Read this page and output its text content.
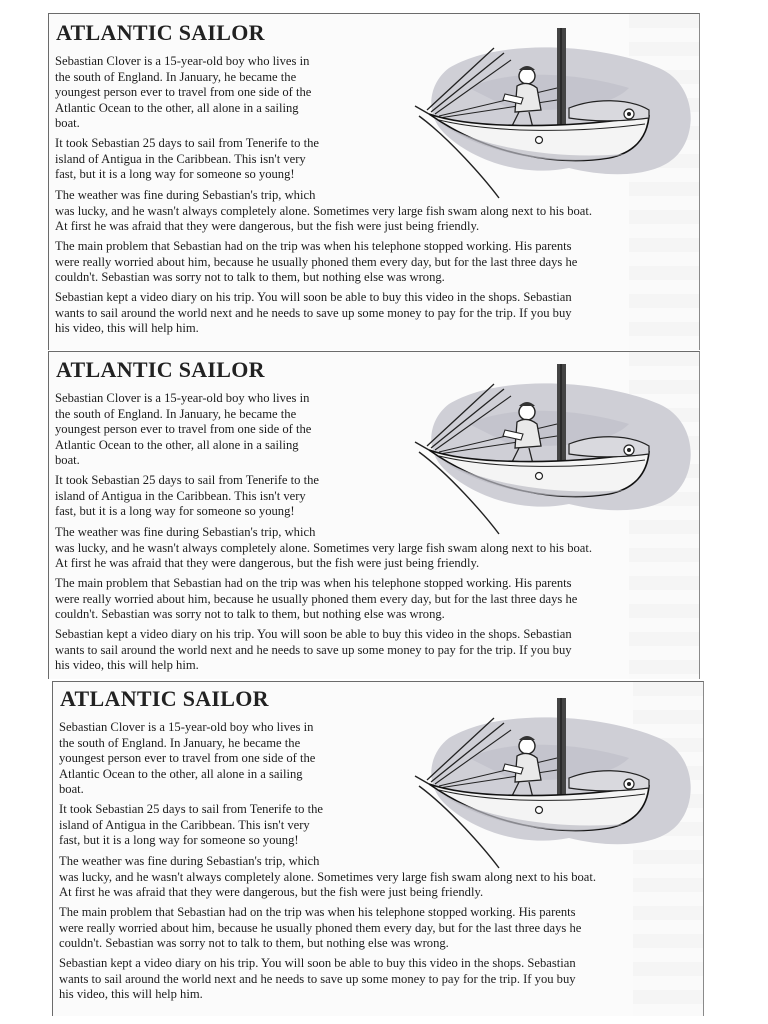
ATLANTIC SAILOR

Sebastian Clover is a 15-year-old boy who lives in
the south of England. In January, he became the
youngest person ever to travel from one side of the
Atlantic Ocean to the other, all alone in a sailing
boat.

It took Sebastian 25 days to sail from Tenerife to the
island of Antigua in the Caribbean. This isn't very
fast, but it is a long way for someone so young!

The weather was fine during Sebastian's trip, which
was lucky, and he wasn't always completely alone. Sometimes very large fish swam along next to his boat.
At first he was afraid that they were dangerous, but the fish were just being friendly.

The main problem that Sebastian had on the trip was when his telephone stopped working. His parents
were really worried about him, because he usually phoned them every day, but for the last three days he
couldn't. Sebastian was sorry not to talk to them, but nothing else was wrong.

Sebastian kept a video diary on his trip. You will soon be able to buy this video in the shops. Sebastian
wants to sail around the world next and he needs to save up some money to pay for the trip. If you buy
his video, this will help him.

ATLANTIC SAILOR

Sebastian Clover is a 15-year-old boy who lives in
the south of England. In January, he became the
youngest person ever to travel from one side of the
Atlantic Ocean to the other, all alone in a sailing
boat.

It took Sebastian 25 days to sail from Tenerife to the
island of Antigua in the Caribbean. This isn't very
fast, but it is a long way for someone so young!

The weather was fine during Sebastian's trip, which
was lucky, and he wasn't always completely alone. Sometimes very large fish swam along next to his boat.
At first he was afraid that they were dangerous, but the fish were just being friendly.

The main problem that Sebastian had on the trip was when his telephone stopped working. His parents
were really worried about him, because he usually phoned them every day, but for the last three days he
couldn't. Sebastian was sorry not to talk to them, but nothing else was wrong.

Sebastian kept a video diary on his trip. You will soon be able to buy this video in the shops. Sebastian
wants to sail around the world next and he needs to save up some money to pay for the trip. If you buy
his video, this will help him.

ATLANTIC SAILOR

Sebastian Clover is a 15-year-old boy who lives in
the south of England. In January, he became the
youngest person ever to travel from one side of the
Atlantic Ocean to the other, all alone in a sailing
boat.

It took Sebastian 25 days to sail from Tenerife to the
island of Antigua in the Caribbean. This isn't very
fast, but it is a long way for someone so young!

The weather was fine during Sebastian's trip, which
was lucky, and he wasn't always completely alone. Sometimes very large fish swam along next to his boat.
At first he was afraid that they were dangerous, but the fish were just being friendly.

The main problem that Sebastian had on the trip was when his telephone stopped working. His parents
were really worried about him, because he usually phoned them every day, but for the last three days he
couldn't. Sebastian was sorry not to talk to them, but nothing else was wrong.

Sebastian kept a video diary on his trip. You will soon be able to buy this video in the shops. Sebastian
wants to sail around the world next and he needs to save up some money to pay for the trip. If you buy
his video, this will help him.
